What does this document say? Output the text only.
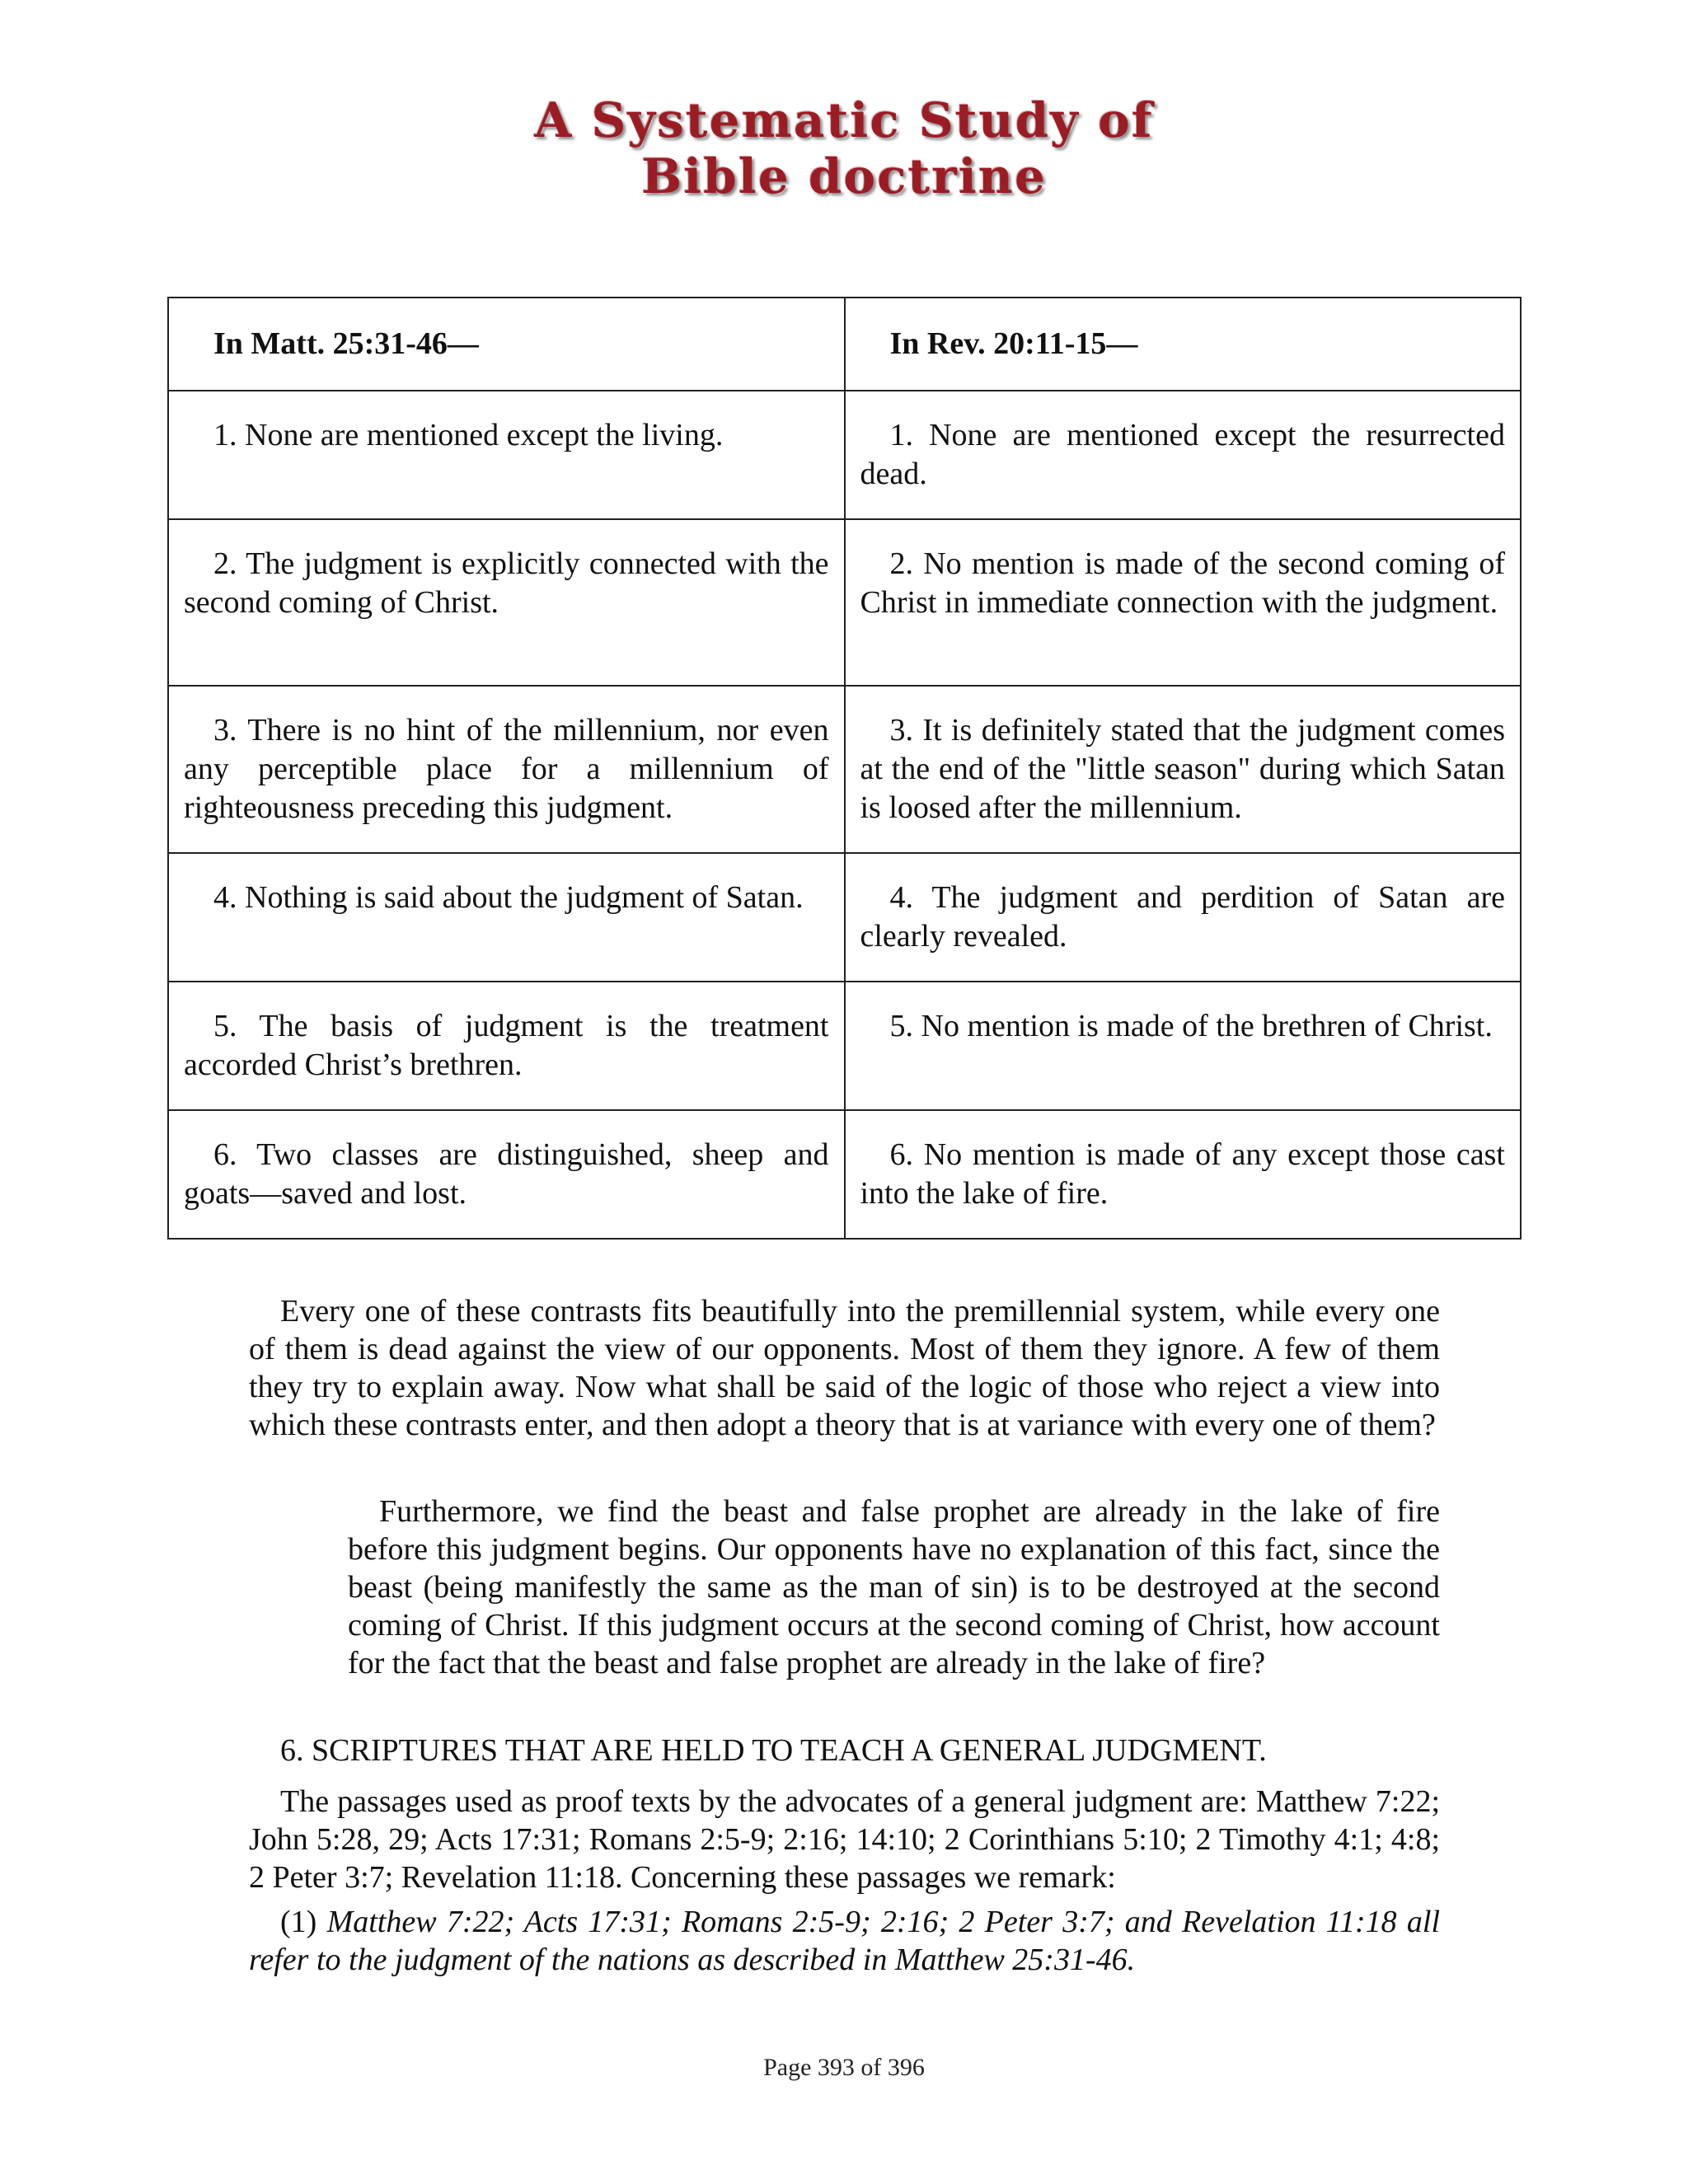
A Systematic Study of
Bible doctrine
In Matt. 25:31-46—	In Rev. 20:11-15—

1. None are mentioned except the living.	1. None are mentioned except the resurrected dead.

2. The judgment is explicitly connected with the second coming of Christ.	2. No mention is made of the second coming of Christ in immediate connection with the judgment.

3. There is no hint of the millennium, nor even any perceptible place for a millennium of righteousness preceding this judgment.	3. It is definitely stated that the judgment comes at the end of the "little season" during which Satan is loosed after the millennium.

4. Nothing is said about the judgment of Satan.	4. The judgment and perdition of Satan are clearly revealed.

5. The basis of judgment is the treatment accorded Christ’s brethren.	5. No mention is made of the brethren of Christ.

6. Two classes are distinguished, sheep and goats—saved and lost.	6. No mention is made of any except those cast into the lake of fire.

Every one of these contrasts fits beautifully into the premillennial system, while every one of them is dead against the view of our opponents. Most of them they ignore. A few of them they try to explain away. Now what shall be said of the logic of those who reject a view into which these contrasts enter, and then adopt a theory that is at variance with every one of them?

Furthermore, we find the beast and false prophet are already in the lake of fire before this judgment begins. Our opponents have no explanation of this fact, since the beast (being manifestly the same as the man of sin) is to be destroyed at the second coming of Christ. If this judgment occurs at the second coming of Christ, how account for the fact that the beast and false prophet are already in the lake of fire?

6. SCRIPTURES THAT ARE HELD TO TEACH A GENERAL JUDGMENT.

The passages used as proof texts by the advocates of a general judgment are: Matthew 7:22; John 5:28, 29; Acts 17:31; Romans 2:5-9; 2:16; 14:10; 2 Corinthians 5:10; 2 Timothy 4:1; 4:8; 2 Peter 3:7; Revelation 11:18. Concerning these passages we remark:

(1) Matthew 7:22; Acts 17:31; Romans 2:5-9; 2:16; 2 Peter 3:7; and Revelation 11:18 all refer to the judgment of the nations as described in Matthew 25:31-46.

Page 393 of 396
